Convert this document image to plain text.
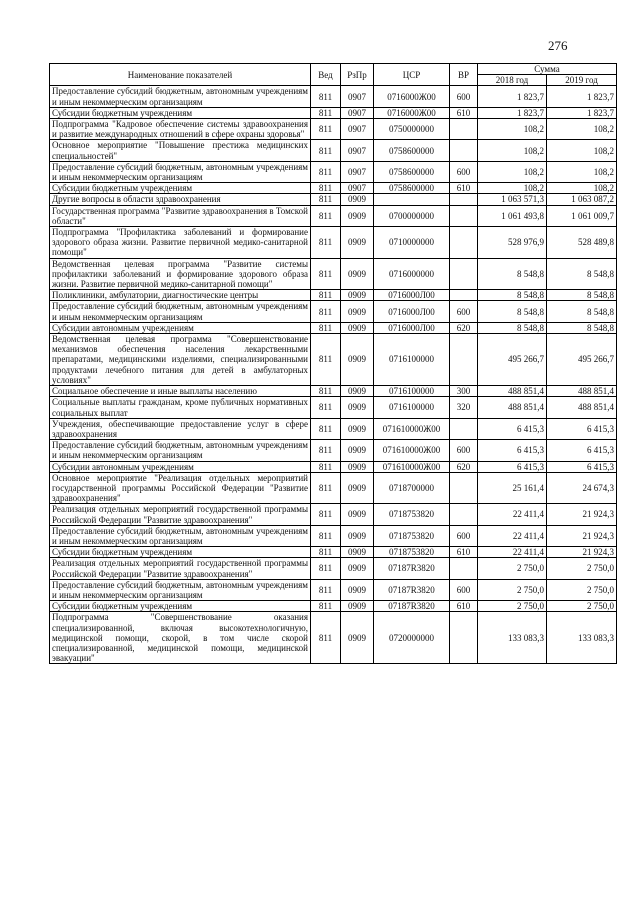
276
Наименование показателей	Вед	РзПр	ЦСР	ВР	Сумма	
					2018 год	2019 год
Предоставление субсидий бюджетным, автономным учреждениям и иным некоммерческим организациям	811	0907	0716000Ж00	600	1 823,7	1 823,7
Субсидии бюджетным учреждениям	811	0907	0716000Ж00	610	1 823,7	1 823,7
Подпрограмма "Кадровое обеспечение системы здравоохранения и развитие международных отношений в сфере охраны здоровья"	811	0907	0750000000		108,2	108,2
Основное мероприятие "Повышение престижа медицинских специальностей"	811	0907	0758600000		108,2	108,2
Предоставление субсидий бюджетным, автономным учреждениям и иным некоммерческим организациям	811	0907	0758600000	600	108,2	108,2
Субсидии бюджетным учреждениям	811	0907	0758600000	610	108,2	108,2
Другие вопросы в области здравоохранения	811	0909			1 063 571,3	1 063 087,2
Государственная программа "Развитие здравоохранения в Томской области"	811	0909	0700000000		1 061 493,8	1 061 009,7
Подпрограмма "Профилактика заболеваний и формирование здорового образа жизни. Развитие первичной медико-санитарной помощи"	811	0909	0710000000		528 976,9	528 489,8
Ведомственная целевая программа "Развитие системы профилактики заболеваний и формирование здорового образа жизни. Развитие первичной медико-санитарной помощи"	811	0909	0716000000		8 548,8	8 548,8
Поликлиники, амбулатории, диагностические центры	811	0909	0716000Л00		8 548,8	8 548,8
Предоставление субсидий бюджетным, автономным учреждениям и иным некоммерческим организациям	811	0909	0716000Л00	600	8 548,8	8 548,8
Субсидии автономным учреждениям	811	0909	0716000Л00	620	8 548,8	8 548,8
Ведомственная целевая программа "Совершенствование механизмов обеспечения населения лекарственными препаратами, медицинскими изделиями, специализированными продуктами лечебного питания для детей в амбулаторных условиях"	811	0909	0716100000		495 266,7	495 266,7
Социальное обеспечение и иные выплаты населению	811	0909	0716100000	300	488 851,4	488 851,4
Социальные выплаты гражданам, кроме публичных нормативных социальных выплат	811	0909	0716100000	320	488 851,4	488 851,4
Учреждения, обеспечивающие предоставление услуг в сфере здравоохранения	811	0909	071610000Ж00		6 415,3	6 415,3
Предоставление субсидий бюджетным, автономным учреждениям и иным некоммерческим организациям	811	0909	071610000Ж00	600	6 415,3	6 415,3
Субсидии автономным учреждениям	811	0909	071610000Ж00	620	6 415,3	6 415,3
Основное мероприятие "Реализация отдельных мероприятий государственной программы Российской Федерации "Развитие здравоохранения"	811	0909	0718700000		25 161,4	24 674,3
Реализация отдельных мероприятий государственной программы Российской Федерации "Развитие здравоохранения"	811	0909	0718753820		22 411,4	21 924,3
Предоставление субсидий бюджетным, автономным учреждениям и иным некоммерческим организациям	811	0909	0718753820	600	22 411,4	21 924,3
Субсидии бюджетным учреждениям	811	0909	0718753820	610	22 411,4	21 924,3
Реализация отдельных мероприятий государственной программы Российской Федерации "Развитие здравоохранения"	811	0909	07187R3820		2 750,0	2 750,0
Предоставление субсидий бюджетным, автономным учреждениям и иным некоммерческим организациям	811	0909	07187R3820	600	2 750,0	2 750,0
Субсидии бюджетным учреждениям	811	0909	07187R3820	610	2 750,0	2 750,0
Подпрограмма "Совершенствование оказания специализированной, включая высокотехнологичную, медицинской помощи, скорой, в том числе скорой специализированной, медицинской помощи, медицинской эвакуации"	811	0909	0720000000		133 083,3	133 083,3
